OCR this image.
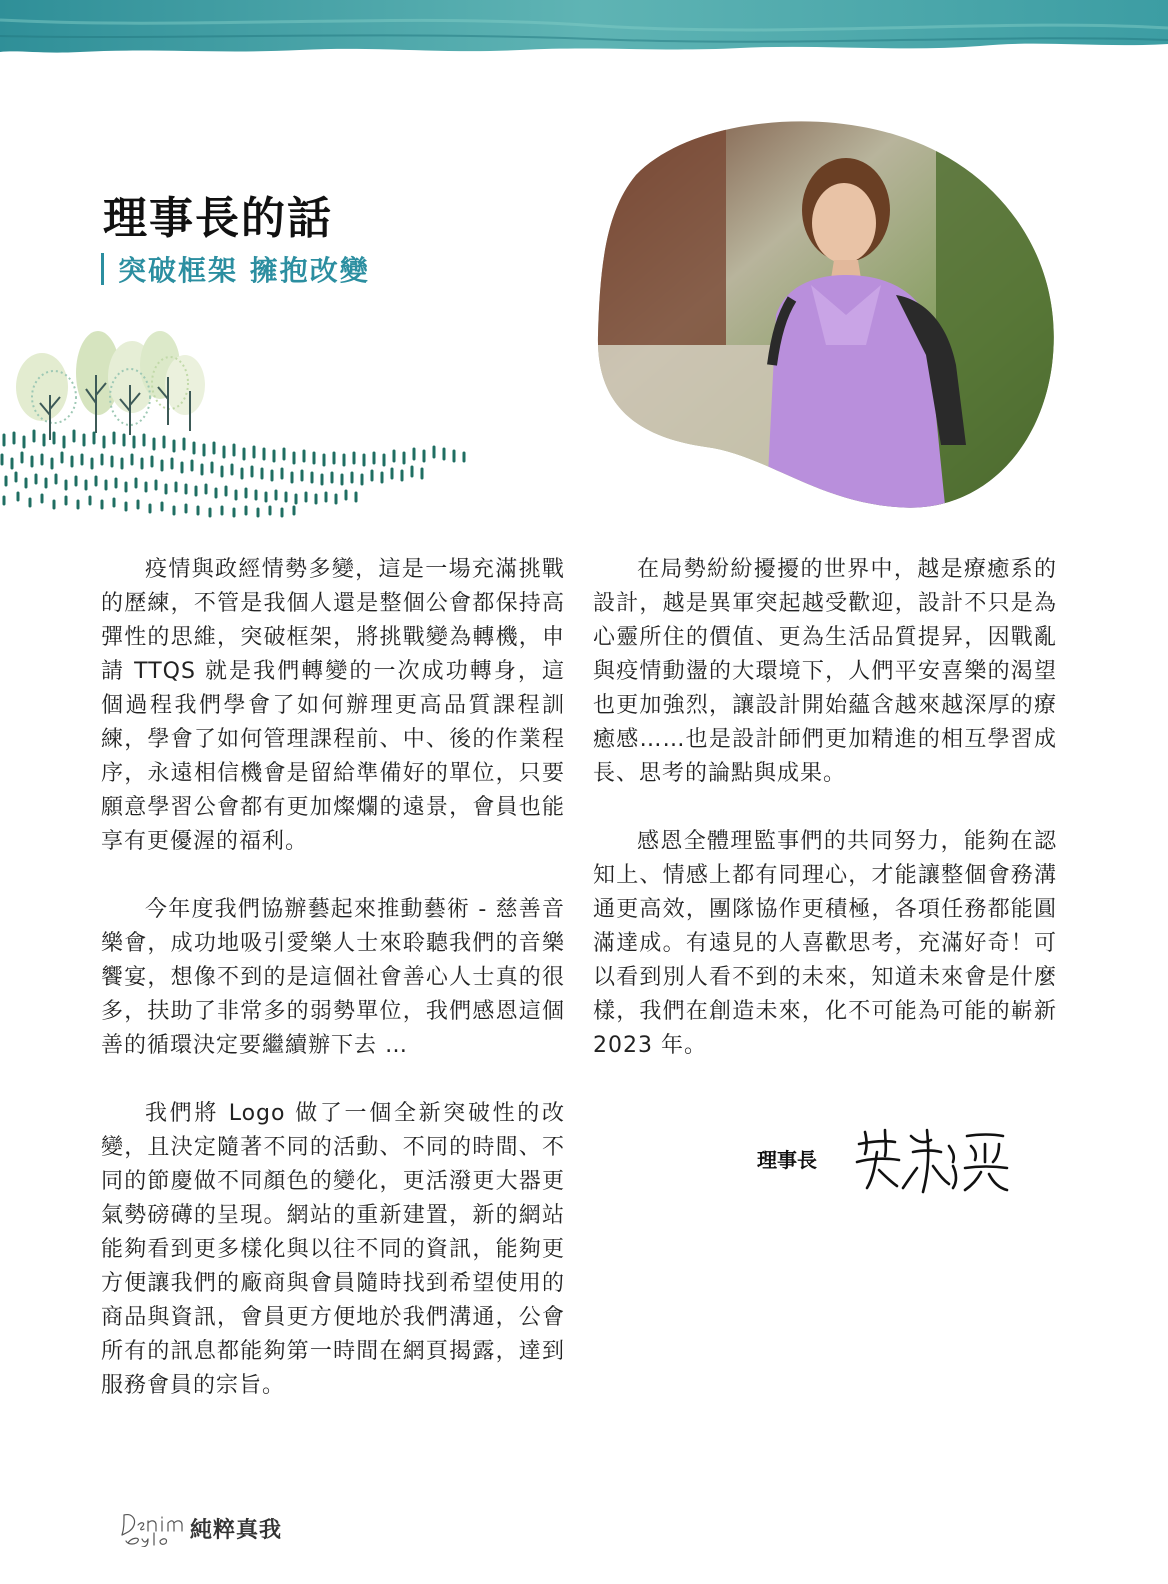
理事長的話
突破框架 擁抱改變

疫情與政經情勢多變，這是一場充滿挑戰的歷練，不管是我個人還是整個公會都保持高彈性的思維，突破框架，將挑戰變為轉機，申請 TTQS 就是我們轉變的一次成功轉身，這個過程我們學會了如何辦理更高品質課程訓練，學會了如何管理課程前、中、後的作業程序，永遠相信機會是留給準備好的單位，只要願意學習公會都有更加燦爛的遠景，會員也能享有更優渥的福利。

今年度我們協辦藝起來推動藝術 - 慈善音樂會，成功地吸引愛樂人士來聆聽我們的音樂饗宴，想像不到的是這個社會善心人士真的很多，扶助了非常多的弱勢單位，我們感恩這個善的循環決定要繼續辦下去 …

我們將 Logo 做了一個全新突破性的改變，且決定隨著不同的活動、不同的時間、不同的節慶做不同顏色的變化，更活潑更大器更氣勢磅礡的呈現。網站的重新建置，新的網站能夠看到更多樣化與以往不同的資訊，能夠更方便讓我們的廠商與會員隨時找到希望使用的商品與資訊，會員更方便地於我們溝通，公會所有的訊息都能夠第一時間在網頁揭露，達到服務會員的宗旨。

在局勢紛紛擾擾的世界中，越是療癒系的設計，越是異軍突起越受歡迎，設計不只是為心靈所住的價值、更為生活品質提昇，因戰亂與疫情動盪的大環境下，人們平安喜樂的渴望也更加強烈，讓設計開始蘊含越來越深厚的療癒感……也是設計師們更加精進的相互學習成長、思考的論點與成果。

感恩全體理監事們的共同努力，能夠在認知上、情感上都有同理心，才能讓整個會務溝通更高效，團隊協作更積極，各項任務都能圓滿達成。有遠見的人喜歡思考，充滿好奇！可以看到別人看不到的未來，知道未來會是什麼樣，我們在創造未來，化不可能為可能的嶄新 2023 年。

理事長
純粹真我
